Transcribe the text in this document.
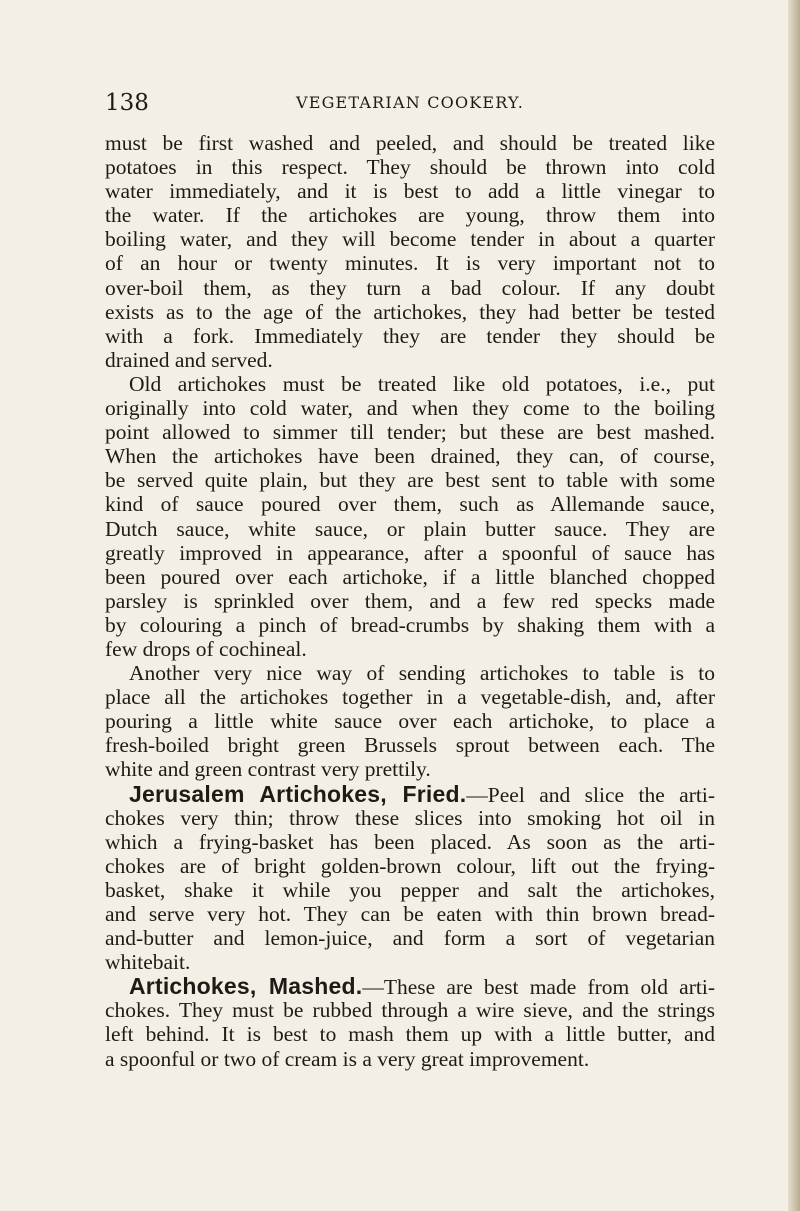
138	VEGETARIAN COOKERY.
must be first washed and peeled, and should be treated like
potatoes in this respect. They should be thrown into cold
water immediately, and it is best to add a little vinegar to
the water. If the artichokes are young, throw them into
boiling water, and they will become tender in about a quarter
of an hour or twenty minutes. It is very important not to
over-boil them, as they turn a bad colour. If any doubt
exists as to the age of the artichokes, they had better be tested
with a fork. Immediately they are tender they should be
drained and served.
Old artichokes must be treated like old potatoes, i.e., put
originally into cold water, and when they come to the boiling
point allowed to simmer till tender; but these are best mashed.
When the artichokes have been drained, they can, of course,
be served quite plain, but they are best sent to table with some
kind of sauce poured over them, such as Allemande sauce,
Dutch sauce, white sauce, or plain butter sauce. They are
greatly improved in appearance, after a spoonful of sauce has
been poured over each artichoke, if a little blanched chopped
parsley is sprinkled over them, and a few red specks made
by colouring a pinch of bread-crumbs by shaking them with a
few drops of cochineal.
Another very nice way of sending artichokes to table is to
place all the artichokes together in a vegetable-dish, and, after
pouring a little white sauce over each artichoke, to place a
fresh-boiled bright green Brussels sprout between each. The
white and green contrast very prettily.
Jerusalem Artichokes, Fried.—Peel and slice the arti-
chokes very thin; throw these slices into smoking hot oil in
which a frying-basket has been placed. As soon as the arti-
chokes are of bright golden-brown colour, lift out the frying-
basket, shake it while you pepper and salt the artichokes,
and serve very hot. They can be eaten with thin brown bread-
and-butter and lemon-juice, and form a sort of vegetarian
whitebait.
Artichokes, Mashed.—These are best made from old arti-
chokes. They must be rubbed through a wire sieve, and the strings
left behind. It is best to mash them up with a little butter, and
a spoonful or two of cream is a very great improvement.
